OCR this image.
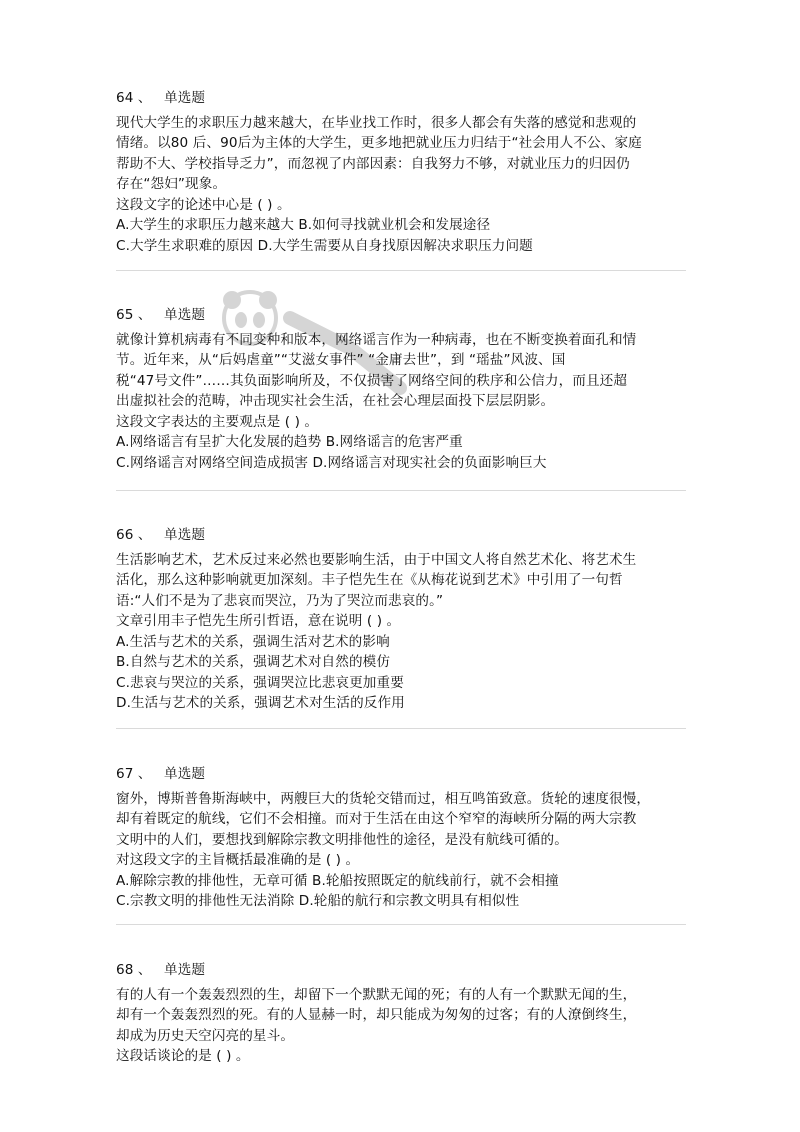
64 、 单选题
现代大学生的求职压力越来越大，在毕业找工作时，很多人都会有失落的感觉和悲观的
情绪。以80 后、90后为主体的大学生，更多地把就业压力归结于“社会用人不公、家庭
帮助不大、学校指导乏力”，而忽视了内部因素：自我努力不够，对就业压力的归因仍
存在“怨妇”现象。
这段文字的论述中心是 ( ) 。
A.大学生的求职压力越来越大 B.如何寻找就业机会和发展途径
C.大学生求职难的原因 D.大学生需要从自身找原因解决求职压力问题
65 、 单选题
就像计算机病毒有不同变种和版本，网络谣言作为一种病毒，也在不断变换着面孔和情
节。近年来，从“后妈虐童”“艾滋女事件” “金庸去世”，到 “瑶盐”风波、国
税“47号文件”……其负面影响所及，不仅损害了网络空间的秩序和公信力，而且还超
出虚拟社会的范畴，冲击现实社会生活，在社会心理层面投下层层阴影。
这段文字表达的主要观点是 ( ) 。
A.网络谣言有呈扩大化发展的趋势 B.网络谣言的危害严重
C.网络谣言对网络空间造成损害 D.网络谣言对现实社会的负面影响巨大
66 、 单选题
生活影响艺术，艺术反过来必然也要影响生活，由于中国文人将自然艺术化、将艺术生
活化，那么这种影响就更加深刻。丰子恺先生在《从梅花说到艺术》中引用了一句哲
语:“人们不是为了悲哀而哭泣，乃为了哭泣而悲哀的。”
文章引用丰子恺先生所引哲语，意在说明 ( ) 。
A.生活与艺术的关系，强调生活对艺术的影响
B.自然与艺术的关系，强调艺术对自然的模仿
C.悲哀与哭泣的关系，强调哭泣比悲哀更加重要
D.生活与艺术的关系，强调艺术对生活的反作用
67 、 单选题
窗外，博斯普鲁斯海峡中，两艘巨大的货轮交错而过，相互鸣笛致意。货轮的速度很慢，
却有着既定的航线，它们不会相撞。而对于生活在由这个窄窄的海峡所分隔的两大宗教
文明中的人们，要想找到解除宗教文明排他性的途径，是没有航线可循的。
对这段文字的主旨概括最准确的是 ( ) 。
A.解除宗教的排他性，无章可循 B.轮船按照既定的航线前行，就不会相撞
C.宗教文明的排他性无法消除 D.轮船的航行和宗教文明具有相似性
68 、 单选题
有的人有一个轰轰烈烈的生，却留下一个默默无闻的死；有的人有一个默默无闻的生，
却有一个轰轰烈烈的死。有的人显赫一时，却只能成为匆匆的过客；有的人潦倒终生，
却成为历史天空闪亮的星斗。
这段话谈论的是 ( ) 。
